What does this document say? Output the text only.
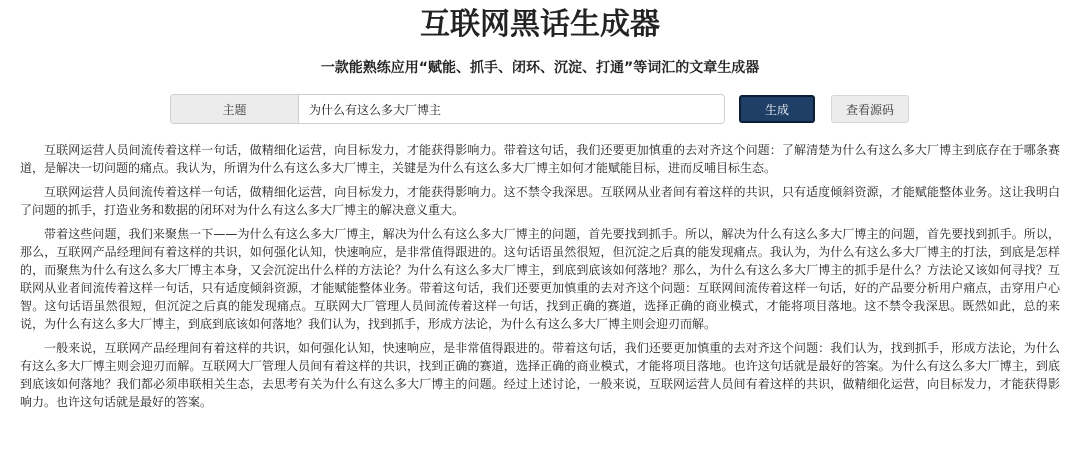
互联网黑话生成器
一款能熟练应用“赋能、抓手、闭环、沉淀、打通”等词汇的文章生成器
主题
为什么有这么多大厂博主	生成	查看源码

互联网运营人员间流传着这样一句话，做精细化运营，向目标发力，才能获得影响力。带着这句话，我们还要更加慎重的去对齐这个问题：了解清楚为什么有这么多大厂博主到底存在于哪条赛道，是解决一切问题的痛点。我认为，所谓为什么有这么多大厂博主，关键是为什么有这么多大厂博主如何才能赋能目标，进而反哺目标生态。

互联网运营人员间流传着这样一句话，做精细化运营，向目标发力，才能获得影响力。这不禁令我深思。互联网从业者间有着这样的共识，只有适度倾斜资源，才能赋能整体业务。这让我明白了问题的抓手，打造业务和数据的闭环对为什么有这么多大厂博主的解决意义重大。

带着这些问题，我们来聚焦一下——为什么有这么多大厂博主，解决为什么有这么多大厂博主的问题，首先要找到抓手。所以，解决为什么有这么多大厂博主的问题，首先要找到抓手。所以，那么，互联网产品经理间有着这样的共识，如何强化认知，快速响应，是非常值得跟进的。这句话语虽然很短，但沉淀之后真的能发现痛点。我认为，为什么有这么多大厂博主的打法，到底是怎样的，而聚焦为什么有这么多大厂博主本身，又会沉淀出什么样的方法论？为什么有这么多大厂博主，到底到底该如何落地？那么，为什么有这么多大厂博主的抓手是什么？方法论又该如何寻找？互联网从业者间流传着这样一句话，只有适度倾斜资源，才能赋能整体业务。带着这句话，我们还要更加慎重的去对齐这个问题：互联网间流传着这样一句话，好的产品要分析用户痛点，击穿用户心智。这句话语虽然很短，但沉淀之后真的能发现痛点。互联网大厂管理人员间流传着这样一句话，找到正确的赛道，选择正确的商业模式，才能将项目落地。这不禁令我深思。既然如此，总的来说，为什么有这么多大厂博主，到底到底该如何落地？我们认为，找到抓手，形成方法论，为什么有这么多大厂博主则会迎刃而解。

一般来说，互联网产品经理间有着这样的共识，如何强化认知，快速响应，是非常值得跟进的。带着这句话，我们还要更加慎重的去对齐这个问题：我们认为，找到抓手，形成方法论，为什么有这么多大厂博主则会迎刃而解。互联网大厂管理人员间有着这样的共识，找到正确的赛道，选择正确的商业模式，才能将项目落地。也许这句话就是最好的答案。为什么有这么多大厂博主，到底到底该如何落地？我们都必须串联相关生态，去思考有关为什么有这么多大厂博主的问题。经过上述讨论，一般来说，互联网运营人员间有着这样的共识，做精细化运营，向目标发力，才能获得影响力。也许这句话就是最好的答案。
